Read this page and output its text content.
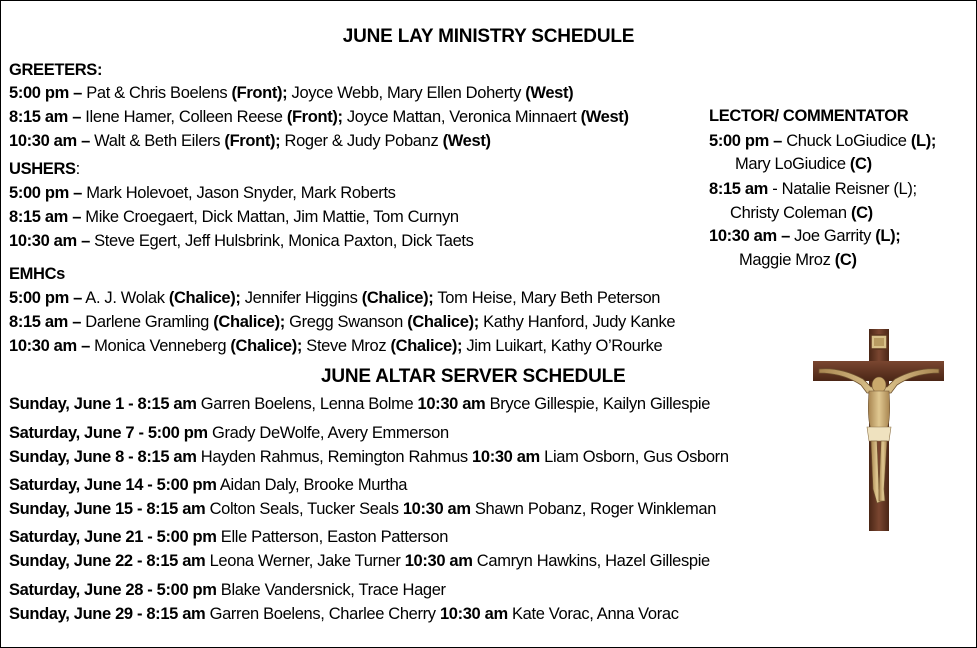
JUNE LAY MINISTRY SCHEDULE
GREETERS:
5:00 pm – Pat & Chris Boelens (Front); Joyce Webb, Mary Ellen Doherty (West)
8:15 am – Ilene Hamer, Colleen Reese (Front); Joyce Mattan, Veronica Minnaert (West)
10:30 am – Walt & Beth Eilers (Front); Roger & Judy Pobanz (West)
USHERS:
5:00 pm – Mark Holevoet, Jason Snyder, Mark Roberts
8:15 am – Mike Croegaert, Dick Mattan, Jim Mattie, Tom Curnyn
10:30 am – Steve Egert, Jeff Hulsbrink, Monica Paxton, Dick Taets
EMHCs
5:00 pm – A. J. Wolak (Chalice); Jennifer Higgins (Chalice); Tom Heise, Mary Beth Peterson
8:15 am – Darlene Gramling (Chalice); Gregg Swanson (Chalice); Kathy Hanford, Judy Kanke
10:30 am – Monica Venneberg (Chalice); Steve Mroz (Chalice); Jim Luikart, Kathy O’Rourke
LECTOR/ COMMENTATOR
5:00 pm – Chuck LoGiudice (L);
Mary LoGiudice (C)
8:15 am - Natalie Reisner (L);
Christy Coleman (C)
10:30 am – Joe Garrity (L);
Maggie Mroz (C)
JUNE ALTAR SERVER SCHEDULE
Sunday, June 1 - 8:15 am Garren Boelens, Lenna Bolme 10:30 am Bryce Gillespie, Kailyn Gillespie
Saturday, June 7 - 5:00 pm Grady DeWolfe, Avery Emmerson
Sunday, June 8 - 8:15 am Hayden Rahmus, Remington Rahmus 10:30 am Liam Osborn, Gus Osborn
Saturday, June 14 - 5:00 pm Aidan Daly, Brooke Murtha
Sunday, June 15 - 8:15 am Colton Seals, Tucker Seals 10:30 am Shawn Pobanz, Roger Winkleman
Saturday, June 21 - 5:00 pm Elle Patterson, Easton Patterson
Sunday, June 22 - 8:15 am Leona Werner, Jake Turner 10:30 am Camryn Hawkins, Hazel Gillespie
Saturday, June 28 - 5:00 pm Blake Vandersnick, Trace Hager
Sunday, June 29 - 8:15 am Garren Boelens, Charlee Cherry 10:30 am Kate Vorac, Anna Vorac
